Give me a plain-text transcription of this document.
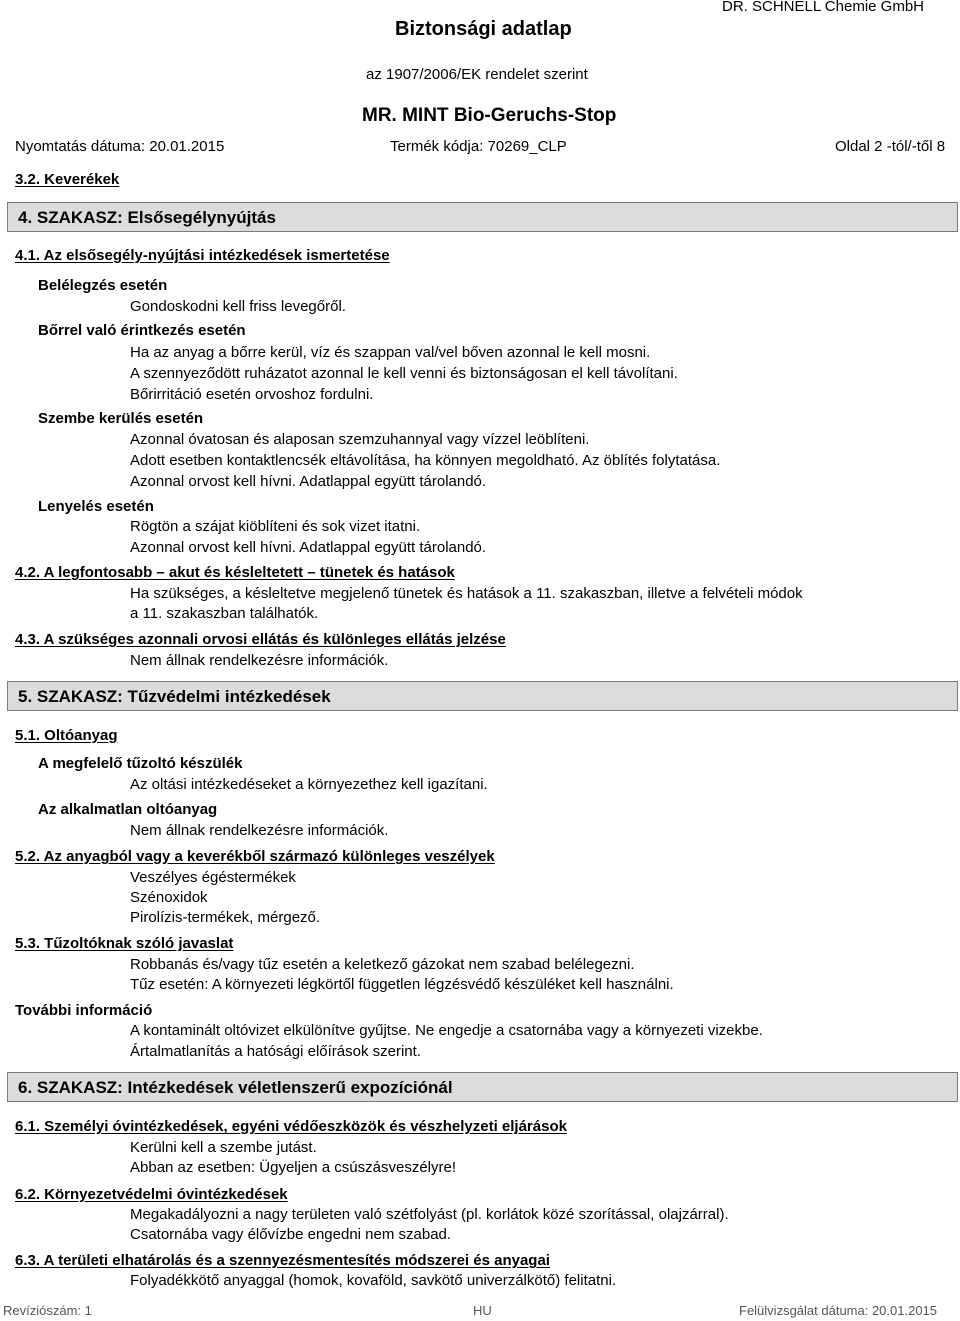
Biztonsági adatlap
DR. SCHNELL Chemie GmbH
az 1907/2006/EK rendelet szerint
MR. MINT Bio-Geruchs-Stop
Nyomtatás dátuma: 20.01.2015	Termék kódja: 70269_CLP	Oldal 2 -tól/-től 8
3.2. Keverékek
4. SZAKASZ: Elsősegélynyújtás
4.1. Az elsősegély-nyújtási intézkedések ismertetése
Belélegzés esetén
Gondoskodni kell friss levegőről.
Bőrrel való érintkezés esetén
Ha az anyag a bőrre kerül, víz és szappan val/vel bőven azonnal le kell mosni.
A szennyeződött ruházatot azonnal le kell venni és biztonságosan el kell távolítani.
Bőrirritáció esetén orvoshoz fordulni.
Szembe kerülés esetén
Azonnal óvatosan és alaposan szemzuhannyal vagy vízzel leöblíteni.
Adott esetben kontaktlencsék eltávolítása, ha könnyen megoldható. Az öblítés folytatása.
Azonnal orvost kell hívni. Adatlappal együtt tárolandó.
Lenyelés esetén
Rögtön a szájat kiöblíteni és sok vizet itatni.
Azonnal orvost kell hívni. Adatlappal együtt tárolandó.
4.2. A legfontosabb – akut és késleltetett – tünetek és hatások
Ha szükséges, a késleltetve megjelenő tünetek és hatások a 11. szakaszban, illetve a felvételi módok
a 11. szakaszban találhatók.
4.3. A szükséges azonnali orvosi ellátás és különleges ellátás jelzése
Nem állnak rendelkezésre információk.
5. SZAKASZ: Tűzvédelmi intézkedések
5.1. Oltóanyag
A megfelelő tűzoltó készülék
Az oltási intézkedéseket a környezethez kell igazítani.
Az alkalmatlan oltóanyag
Nem állnak rendelkezésre információk.
5.2. Az anyagból vagy a keverékből származó különleges veszélyek
Veszélyes égéstermékek
Szénoxidok
Pirolízis-termékek, mérgező.
5.3. Tűzoltóknak szóló javaslat
Robbanás és/vagy tűz esetén a keletkező gázokat nem szabad belélegezni.
Tűz esetén: A környezeti légkörtől független légzésvédő készüléket kell használni.
További információ
A kontaminált oltóvizet elkülönítve gyűjtse. Ne engedje a csatornába vagy a környezeti vizekbe.
Ártalmatlanítás a hatósági előírások szerint.
6. SZAKASZ: Intézkedések véletlenszerű expozíciónál
6.1. Személyi óvintézkedések, egyéni védőeszközök és vészhelyzeti eljárások
Kerülni kell a szembe jutást.
Abban az esetben: Ügyeljen a csúszásveszélyre!
6.2. Környezetvédelmi óvintézkedések
Megakadályozni a nagy területen való szétfolyást (pl. korlátok közé szorítással, olajzárral).
Csatornába vagy élővízbe engedni nem szabad.
6.3. A területi elhatárolás és a szennyezésmentesítés módszerei és anyagai
Folyadékkötő anyaggal (homok, kovaföld, savkötő univerzálkötő) felitatni.
Revíziószám: 1	HU	Felülvizsgálat dátuma: 20.01.2015
